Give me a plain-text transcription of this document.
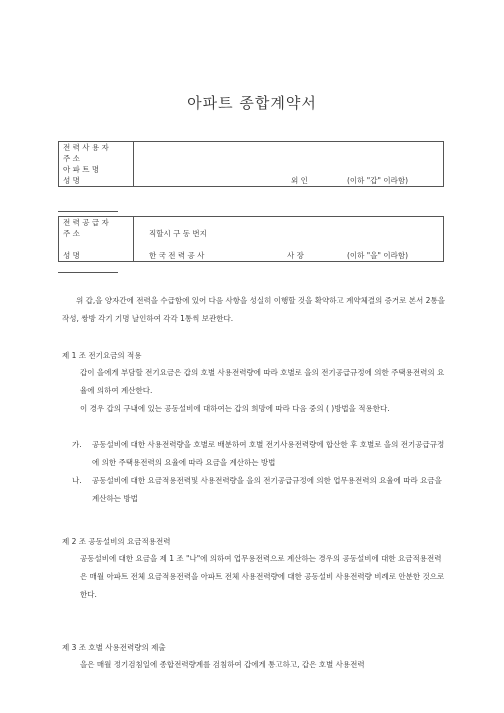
아파트 종합계약서
전 력 사 용 자
주 소
아 파 트 명
성 명	외 인	(이하 "갑" 이라함)
전 력 공 급 자
주 소	직할시 구 동 번지
성 명	한 국 전 력 공 사	사 장	(이하 "을" 이라함)

위 갑,을 양자간에 전력을 수급함에 있어 다음 사항을 성실히 이행할 것을 확약하고 계약체결의 증거로 본서 2통을 작성, 쌍방 각기 기명 날인하여 각각 1통씩 보관한다.

제 1 조 전기요금의 적용

갑이 을에게 부담할 전기요금은 갑의 호별 사용전력량에 따라 호별로 을의 전기공급규정에 의한 주택용전력의 요율에 의하여 계산한다.

이 경우 갑의 구내에 있는 공동설비에 대하여는 갑의 희망에 따라 다음 중의 ( )방법을 적용한다.

가. 공동설비에 대한 사용전력량을 호별로 배분하여 호별 전기사용전력량에 합산한 후 호별로 을의 전기공급규정에 의한 주택용전력의 요율에 따라 요금을 계산하는 방법

나. 공동설비에 대한 요금적용전력및 사용전력량을 을의 전기공급규정에 의한 업무용전력의 요율에 따라 요금을 계산하는 방법

제 2 조 공동설비의 요금적용전력

공동설비에 대한 요금을 제 1 조 "나"에 의하여 업무용전력으로 계산하는 경우의 공동설비에 대한 요금적용전력은 매월 아파트 전체 요금적용전력을 아파트 전체 사용전력량에 대한 공동설비 사용전력량 비례로 안분한 것으로 한다.

제 3 조 호별 사용전력량의 제출

을은 매월 정기검침일에 종합전력량계를 검침하여 갑에게 통고하고, 갑은 호별 사용전력
